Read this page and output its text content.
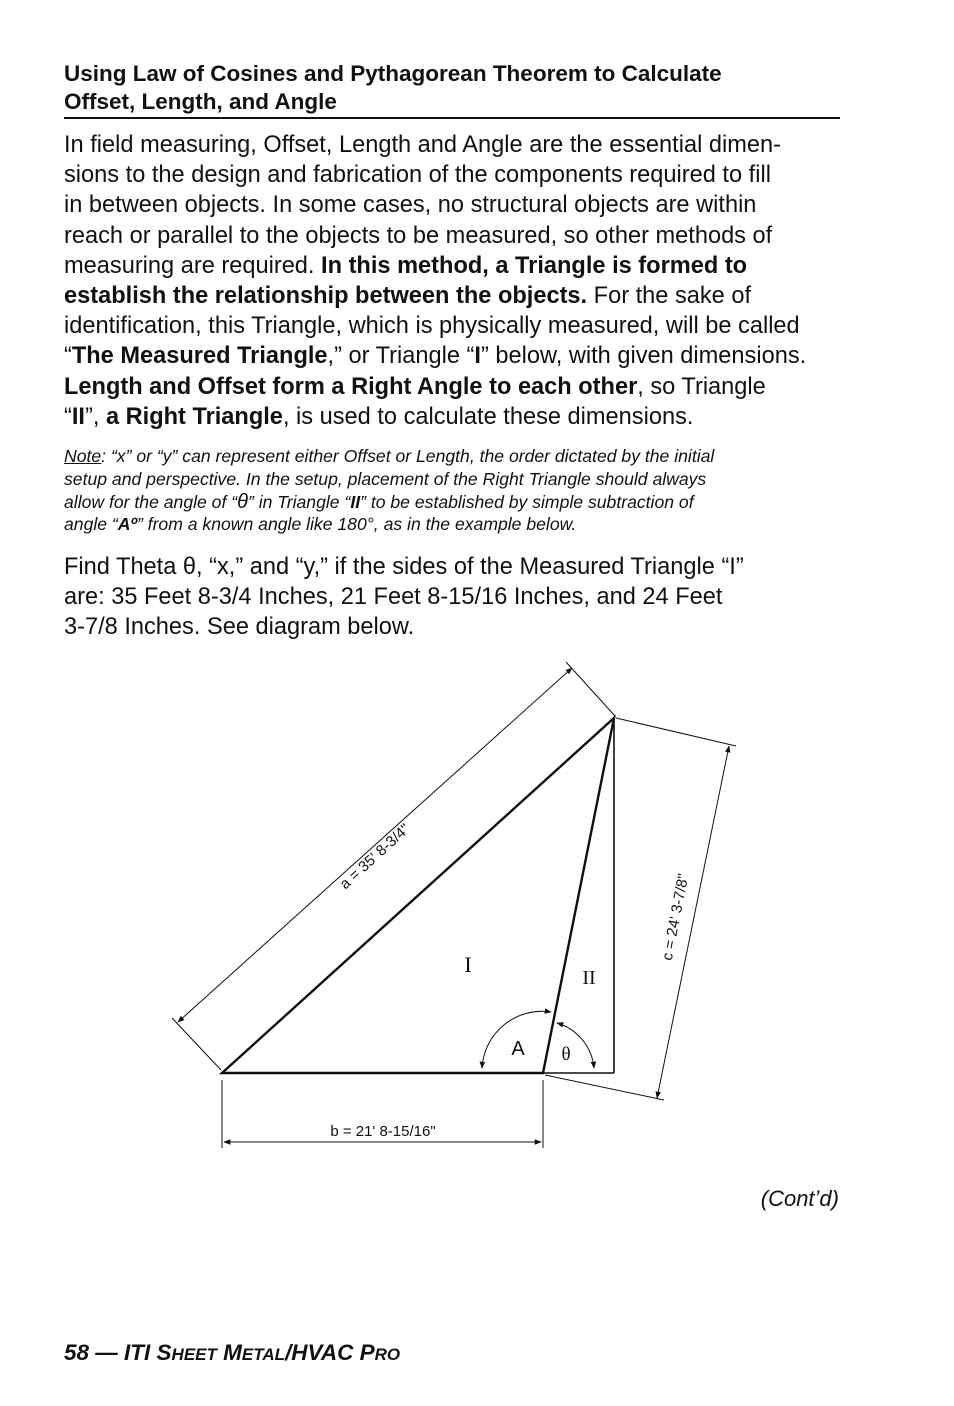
Using Law of Cosines and Pythagorean Theorem to Calculate
Offset, Length, and Angle
In field measuring, Offset, Length and Angle are the essential dimen-
sions to the design and fabrication of the components required to fill
in between objects. In some cases, no structural objects are within
reach or parallel to the objects to be measured, so other methods of
measuring are required. In this method, a Triangle is formed to
establish the relationship between the objects. For the sake of
identification, this Triangle, which is physically measured, will be called
“The Measured Triangle,” or Triangle “I” below, with given dimensions.
Length and Offset form a Right Angle to each other, so Triangle
“II”, a Right Triangle, is used to calculate these dimensions.
Note: “x” or “y” can represent either Offset or Length, the order dictated by the initial
setup and perspective. In the setup, placement of the Right Triangle should always
allow for the angle of “θ” in Triangle “II” to be established by simple subtraction of
angle “Aº” from a known angle like 180°, as in the example below.
Find Theta θ, “x,” and “y,” if the sides of the Measured Triangle “I”
are: 35 Feet 8-3/4 Inches, 21 Feet 8-15/16 Inches, and 24 Feet
3-7/8 Inches. See diagram below.
a = 35' 8-3/4"
b = 21' 8-15/16"
c = 24' 3-7/8"
I
II
A θ
(Cont’d)
58 — ITI SHEET METAL/HVAC PRO
